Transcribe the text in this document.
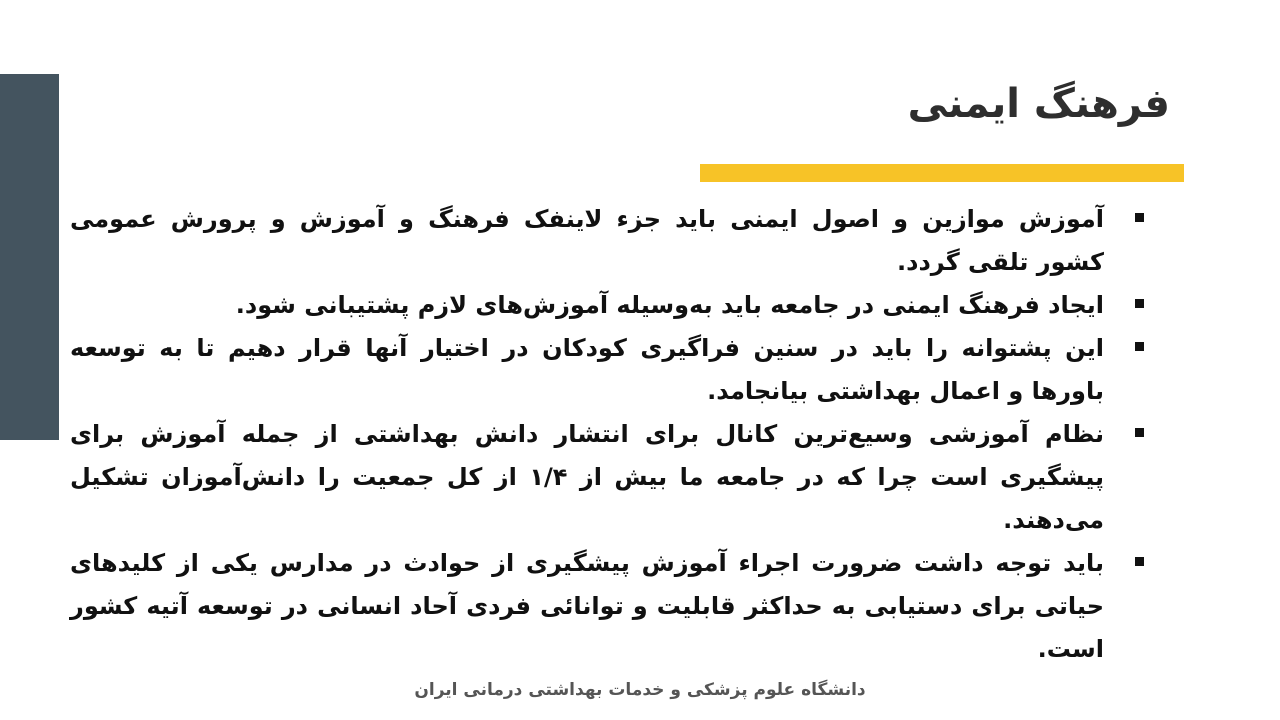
فرهنگ ایمنی
آموزش موازین و اصول ایمنی باید جزء لاینفک فرهنگ و آموزش و پرورش عمومی کشور تلقی گردد.
ایجاد فرهنگ ایمنی در جامعه باید به‌وسیله آموزش‌های لازم پشتیبانی شود.
این پشتوانه را باید در سنین فراگیری کودکان در اختیار آنها قرار دهیم تا به توسعه باورها و اعمال بهداشتی بیانجامد.
نظام آموزشی وسیع‌ترین کانال برای انتشار دانش بهداشتی از جمله آموزش برای پیشگیری است چرا که در جامعه ما بیش از ۱/۴ از کل جمعیت را دانش‌آموزان تشکیل می‌دهند.
باید توجه داشت ضرورت اجراء آموزش پیشگیری از حوادث در مدارس یکی از کلیدهای حیاتی برای دستیابی به حداکثر قابلیت و توانائی فردی آحاد انسانی در توسعه آتیه کشور است.
دانشگاه علوم پزشکی و خدمات بهداشتی درمانی ایران
